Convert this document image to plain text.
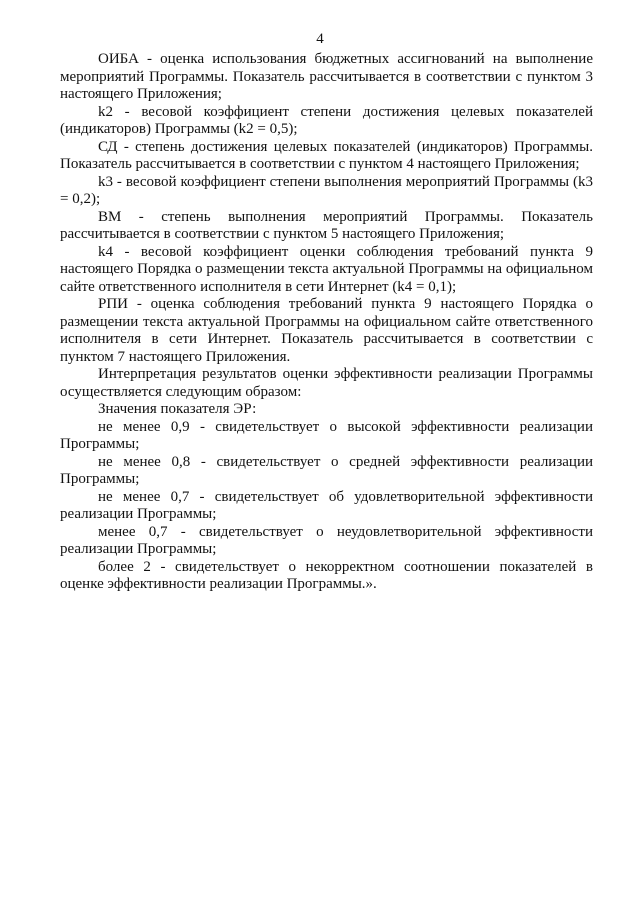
4

ОИБА - оценка использования бюджетных ассигнований на выполнение мероприятий Программы. Показатель рассчитывается в соответствии с пунктом 3 настоящего Приложения;

k2 - весовой коэффициент степени достижения целевых показателей (индикаторов) Программы (k2 = 0,5);

СД - степень достижения целевых показателей (индикаторов) Программы. Показатель рассчитывается в соответствии с пунктом 4 настоящего Приложения;

k3 - весовой коэффициент степени выполнения мероприятий Программы (k3 = 0,2);

ВМ - степень выполнения мероприятий Программы. Показатель рассчитывается в соответствии с пунктом 5 настоящего Приложения;

k4 - весовой коэффициент оценки соблюдения требований пункта 9 настоящего Порядка о размещении текста актуальной Программы на официальном сайте ответственного исполнителя в сети Интернет (k4 = 0,1);

РПИ - оценка соблюдения требований пункта 9 настоящего Порядка о размещении текста актуальной Программы на официальном сайте ответственного исполнителя в сети Интернет. Показатель рассчитывается в соответствии с пунктом 7 настоящего Приложения.

Интерпретация результатов оценки эффективности реализации Программы осуществляется следующим образом:

Значения показателя ЭР:

не менее 0,9 - свидетельствует о высокой эффективности реализации Программы;

не менее 0,8 - свидетельствует о средней эффективности реализации Программы;

не менее 0,7 - свидетельствует об удовлетворительной эффективности реализации Программы;

менее 0,7 - свидетельствует о неудовлетворительной эффективности реализации Программы;

более 2 - свидетельствует о некорректном соотношении показателей в оценке эффективности реализации Программы.».
